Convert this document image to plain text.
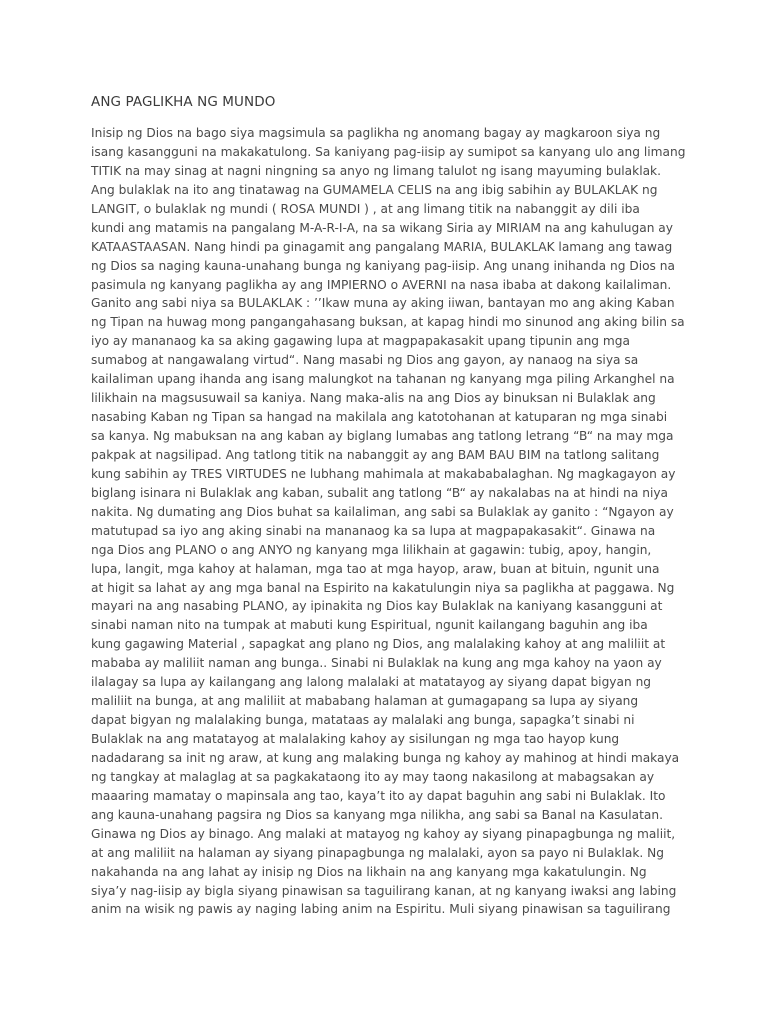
ANG PAGLIKHA NG MUNDO
Inisip ng Dios na bago siya magsimula sa paglikha ng anomang bagay ay magkaroon siya ng
isang kasangguni na makakatulong. Sa kaniyang pag-iisip ay sumipot sa kanyang ulo ang limang
TITIK na may sinag at nagni ningning sa anyo ng limang talulot ng isang mayuming bulaklak.
Ang bulaklak na ito ang tinatawag na GUMAMELA CELIS na ang ibig sabihin ay BULAKLAK ng
LANGIT, o bulaklak ng mundi ( ROSA MUNDI ) , at ang limang titik na nabanggit ay dili iba
kundi ang matamis na pangalang M-A-R-I-A, na sa wikang Siria ay MIRIAM na ang kahulugan ay
KATAASTAASAN. Nang hindi pa ginagamit ang pangalang MARIA, BULAKLAK lamang ang tawag
ng Dios sa naging kauna-unahang bunga ng kaniyang pag-iisip. Ang unang inihanda ng Dios na
pasimula ng kanyang paglikha ay ang IMPIERNO o AVERNI na nasa ibaba at dakong kailaliman.
Ganito ang sabi niya sa BULAKLAK : ’’Ikaw muna ay aking iiwan, bantayan mo ang aking Kaban
ng Tipan na huwag mong pangangahasang buksan, at kapag hindi mo sinunod ang aking bilin sa
iyo ay mananaog ka sa aking gagawing lupa at magpapakasakit upang tipunin ang mga
sumabog at nangawalang virtud“. Nang masabi ng Dios ang gayon, ay nanaog na siya sa
kailaliman upang ihanda ang isang malungkot na tahanan ng kanyang mga piling Arkanghel na
lilikhain na magsusuwail sa kaniya. Nang maka-alis na ang Dios ay binuksan ni Bulaklak ang
nasabing Kaban ng Tipan sa hangad na makilala ang katotohanan at katuparan ng mga sinabi
sa kanya. Ng mabuksan na ang kaban ay biglang lumabas ang tatlong letrang “B“ na may mga
pakpak at nagsilipad. Ang tatlong titik na nabanggit ay ang BAM BAU BIM na tatlong salitang
kung sabihin ay TRES VIRTUDES ne lubhang mahimala at makababalaghan. Ng magkagayon ay
biglang isinara ni Bulaklak ang kaban, subalit ang tatlong “B“ ay nakalabas na at hindi na niya
nakita. Ng dumating ang Dios buhat sa kailaliman, ang sabi sa Bulaklak ay ganito : “Ngayon ay
matutupad sa iyo ang aking sinabi na mananaog ka sa lupa at magpapakasakit“. Ginawa na
nga Dios ang PLANO o ang ANYO ng kanyang mga lilikhain at gagawin: tubig, apoy, hangin,
lupa, langit, mga kahoy at halaman, mga tao at mga hayop, araw, buan at bituin, ngunit una
at higit sa lahat ay ang mga banal na Espirito na kakatulungin niya sa paglikha at paggawa. Ng
mayari na ang nasabing PLANO, ay ipinakita ng Dios kay Bulaklak na kaniyang kasangguni at
sinabi naman nito na tumpak at mabuti kung Espiritual, ngunit kailangang baguhin ang iba
kung gagawing Material , sapagkat ang plano ng Dios, ang malalaking kahoy at ang maliliit at
mababa ay maliliit naman ang bunga.. Sinabi ni Bulaklak na kung ang mga kahoy na yaon ay
ilalagay sa lupa ay kailangang ang lalong malalaki at matatayog ay siyang dapat bigyan ng
maliliit na bunga, at ang maliliit at mababang halaman at gumagapang sa lupa ay siyang
dapat bigyan ng malalaking bunga, matataas ay malalaki ang bunga, sapagka’t sinabi ni
Bulaklak na ang matatayog at malalaking kahoy ay sisilungan ng mga tao hayop kung
nadadarang sa init ng araw, at kung ang malaking bunga ng kahoy ay mahinog at hindi makaya
ng tangkay at malaglag at sa pagkakataong ito ay may taong nakasilong at mabagsakan ay
maaaring mamatay o mapinsala ang tao, kaya’t ito ay dapat baguhin ang sabi ni Bulaklak. Ito
ang kauna-unahang pagsira ng Dios sa kanyang mga nilikha, ang sabi sa Banal na Kasulatan.
Ginawa ng Dios ay binago. Ang malaki at matayog ng kahoy ay siyang pinapagbunga ng maliit,
at ang maliliit na halaman ay siyang pinapagbunga ng malalaki, ayon sa payo ni Bulaklak. Ng
nakahanda na ang lahat ay inisip ng Dios na likhain na ang kanyang mga kakatulungin. Ng
siya’y nag-iisip ay bigla siyang pinawisan sa taguilirang kanan, at ng kanyang iwaksi ang labing
anim na wisik ng pawis ay naging labing anim na Espiritu. Muli siyang pinawisan sa taguilirang
